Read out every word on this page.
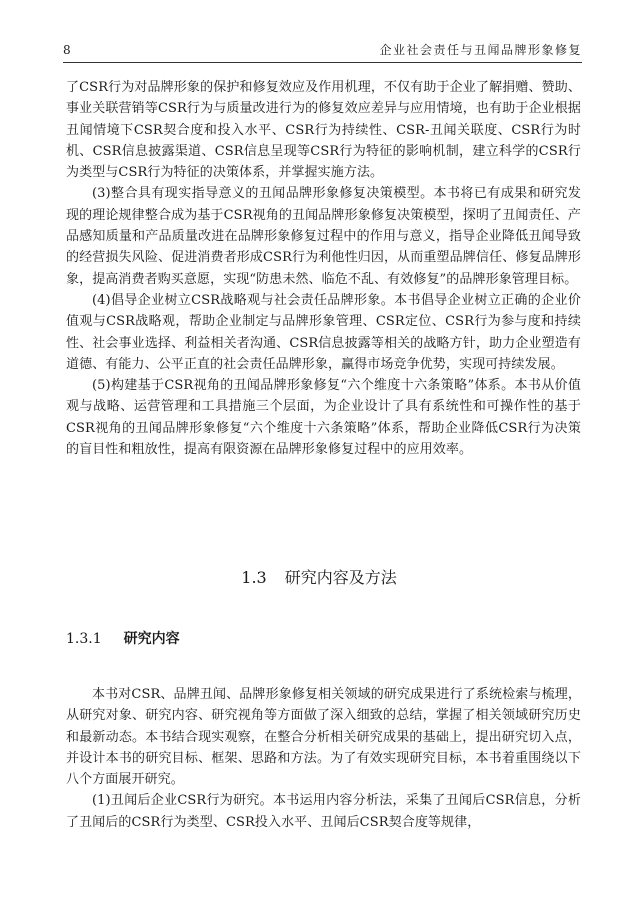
8	企业社会责任与丑闻品牌形象修复

了CSR行为对品牌形象的保护和修复效应及作用机理，不仅有助于企业了解捐赠、赞助、事业关联营销等CSR行为与质量改进行为的修复效应差异与应用情境，也有助于企业根据丑闻情境下CSR契合度和投入水平、CSR行为持续性、CSR-丑闻关联度、CSR行为时机、CSR信息披露渠道、CSR信息呈现等CSR行为特征的影响机制，建立科学的CSR行为类型与CSR行为特征的决策体系，并掌握实施方法。

(3)整合具有现实指导意义的丑闻品牌形象修复决策模型。本书将已有成果和研究发现的理论规律整合成为基于CSR视角的丑闻品牌形象修复决策模型，探明了丑闻责任、产品感知质量和产品质量改进在品牌形象修复过程中的作用与意义，指导企业降低丑闻导致的经营损失风险、促进消费者形成CSR行为利他性归因，从而重塑品牌信任、修复品牌形象，提高消费者购买意愿，实现“防患未然、临危不乱、有效修复”的品牌形象管理目标。

(4)倡导企业树立CSR战略观与社会责任品牌形象。本书倡导企业树立正确的企业价值观与CSR战略观，帮助企业制定与品牌形象管理、CSR定位、CSR行为参与度和持续性、社会事业选择、利益相关者沟通、CSR信息披露等相关的战略方针，助力企业塑造有道德、有能力、公平正直的社会责任品牌形象，赢得市场竞争优势，实现可持续发展。

(5)构建基于CSR视角的丑闻品牌形象修复“六个维度十六条策略”体系。本书从价值观与战略、运营管理和工具措施三个层面，为企业设计了具有系统性和可操作性的基于CSR视角的丑闻品牌形象修复“六个维度十六条策略”体系，帮助企业降低CSR行为决策的盲目性和粗放性，提高有限资源在品牌形象修复过程中的应用效率。

1.3 研究内容及方法
1.3.1 研究内容

本书对CSR、品牌丑闻、品牌形象修复相关领域的研究成果进行了系统检索与梳理，从研究对象、研究内容、研究视角等方面做了深入细致的总结，掌握了相关领域研究历史和最新动态。本书结合现实观察，在整合分析相关研究成果的基础上，提出研究切入点，并设计本书的研究目标、框架、思路和方法。为了有效实现研究目标，本书着重围绕以下八个方面展开研究。

(1)丑闻后企业CSR行为研究。本书运用内容分析法，采集了丑闻后CSR信息，分析了丑闻后的CSR行为类型、CSR投入水平、丑闻后CSR契合度等规律，
